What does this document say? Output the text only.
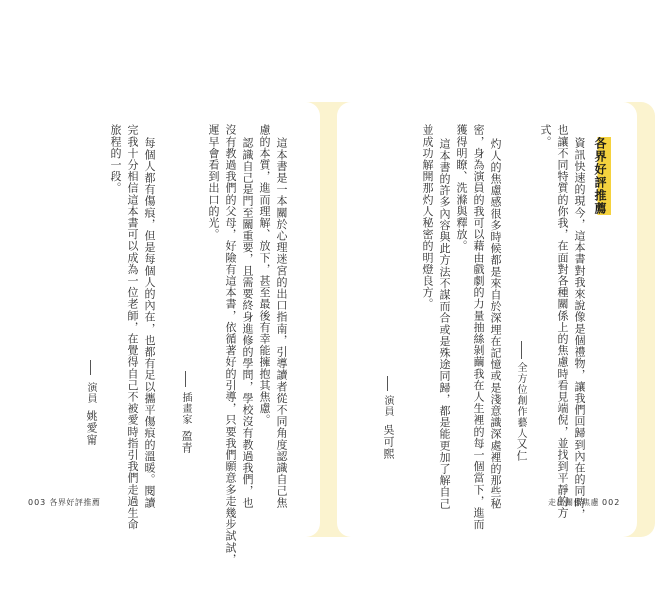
各界好評推薦
資訊快速的現今，這本書對我來說像是個禮物，讓我們回歸到內在的同時，
也讓不同特質的你我，在面對各種關係上的焦慮時看見端倪，並找到平靜的方
式。
全方位創作藝人
又仁
灼人的焦慮感很多時候都是來自於深埋在記憶或是淺意識深處裡的那些秘
密，身為演員的我可以藉由戲劇的力量抽絲剝繭我在人生裡的每一個當下，進而
獲得明瞭、洗滌與釋放。
這本書的許多內容與此方法不謀而合或是殊途同歸，都是能更加了解自己
並成功解開那灼人秘密的明燈良方。
演員
吳可熙
這本書是一本關於心理迷宮的出口指南，引導讀者從不同角度認識自己焦
慮的本質，進而理解、放下，甚至最後有幸能擁抱其焦慮。
認識自己是門至關重要，且需要終身進修的學問，學校沒有教過我們，也
沒有教過我們的父母，好險有這本書，依循著好的引導，只要我們願意多走幾步試試，
遲早會看到出口的光。
插畫家
盈青
每個人都有傷痕，但是每個人的內在，也都有足以攜平傷痕的溫暖。閱讀
完我十分相信這本書可以成為一位老師，在覺得自己不被愛時指引我們走過生命
旅程的一段。
演員
姚愛甯
003 各界好評推薦	走出關係焦慮 002
